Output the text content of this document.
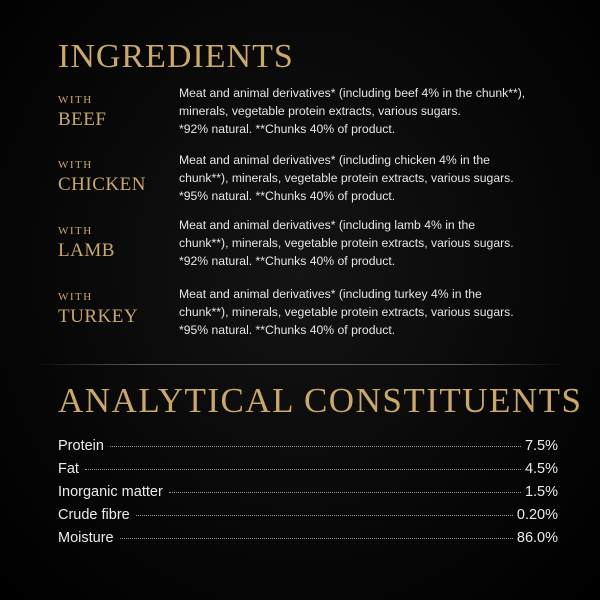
INGREDIENTS
WITH
BEEF
Meat and animal derivatives* (including beef 4% in the chunk**),
minerals, vegetable protein extracts, various sugars.
*92% natural. **Chunks 40% of product.
WITH
CHICKEN
Meat and animal derivatives* (including chicken 4% in the
chunk**), minerals, vegetable protein extracts, various sugars.
*95% natural. **Chunks 40% of product.
WITH
LAMB
Meat and animal derivatives* (including lamb 4% in the
chunk**), minerals, vegetable protein extracts, various sugars.
*92% natural. **Chunks 40% of product.
WITH
TURKEY
Meat and animal derivatives* (including turkey 4% in the
chunk**), minerals, vegetable protein extracts, various sugars.
*95% natural. **Chunks 40% of product.
ANALYTICAL CONSTITUENTS
Protein	7.5%
Fat	4.5%
Inorganic matter	1.5%
Crude fibre	0.20%
Moisture	86.0%
